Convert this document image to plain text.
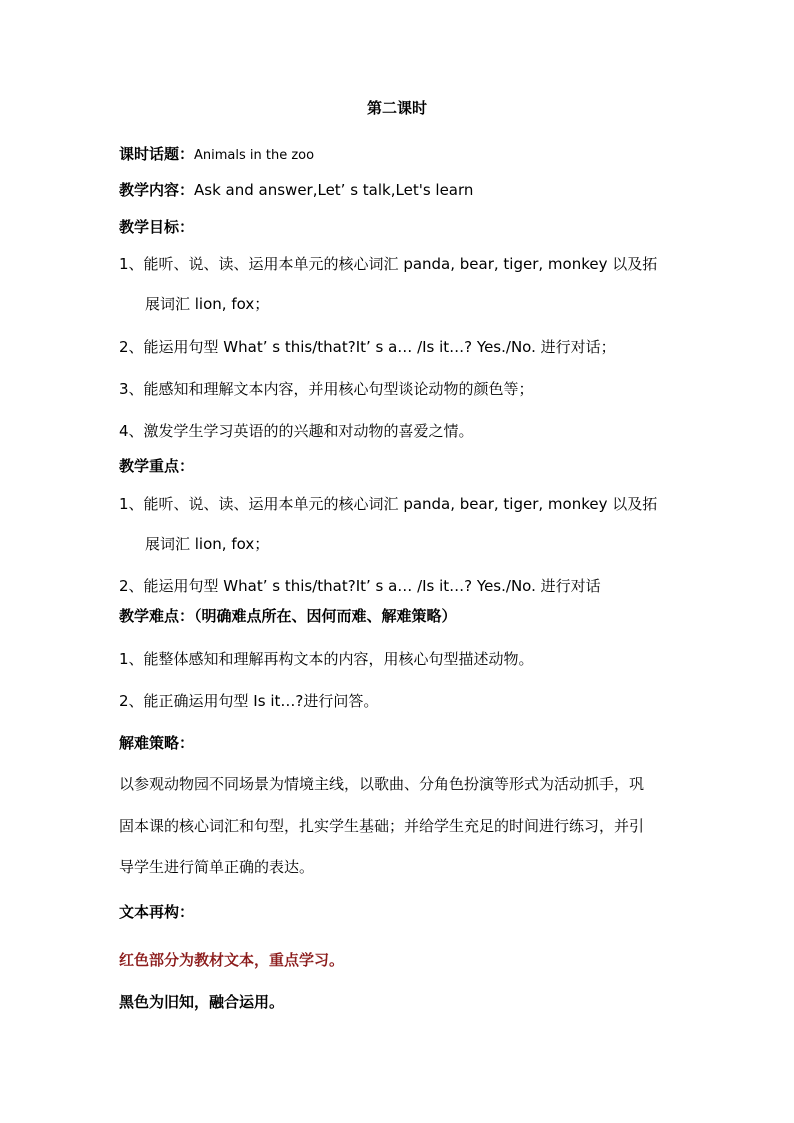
第二课时
课时话题：Animals in the zoo
教学内容：Ask and answer,Let’ s talk,Let's learn
教学目标：
1、能听、说、读、运用本单元的核心词汇 panda, bear, tiger, monkey 以及拓
展词汇 lion, fox；
2、能运用句型 What’ s this/that?It’ s a… /Is it…? Yes./No. 进行对话；
3、能感知和理解文本内容，并用核心句型谈论动物的颜色等；
4、激发学生学习英语的的兴趣和对动物的喜爱之情。
教学重点：
1、能听、说、读、运用本单元的核心词汇 panda, bear, tiger, monkey 以及拓
展词汇 lion, fox；
2、能运用句型 What’ s this/that?It’ s a… /Is it…? Yes./No. 进行对话
教学难点：（明确难点所在、因何而难、解难策略）
1、能整体感知和理解再构文本的内容，用核心句型描述动物。
2、能正确运用句型 Is it…?进行问答。
解难策略：
以参观动物园不同场景为情境主线，以歌曲、分角色扮演等形式为活动抓手，巩
固本课的核心词汇和句型，扎实学生基础；并给学生充足的时间进行练习，并引
导学生进行简单正确的表达。
文本再构：
红色部分为教材文本，重点学习。
黑色为旧知，融合运用。
